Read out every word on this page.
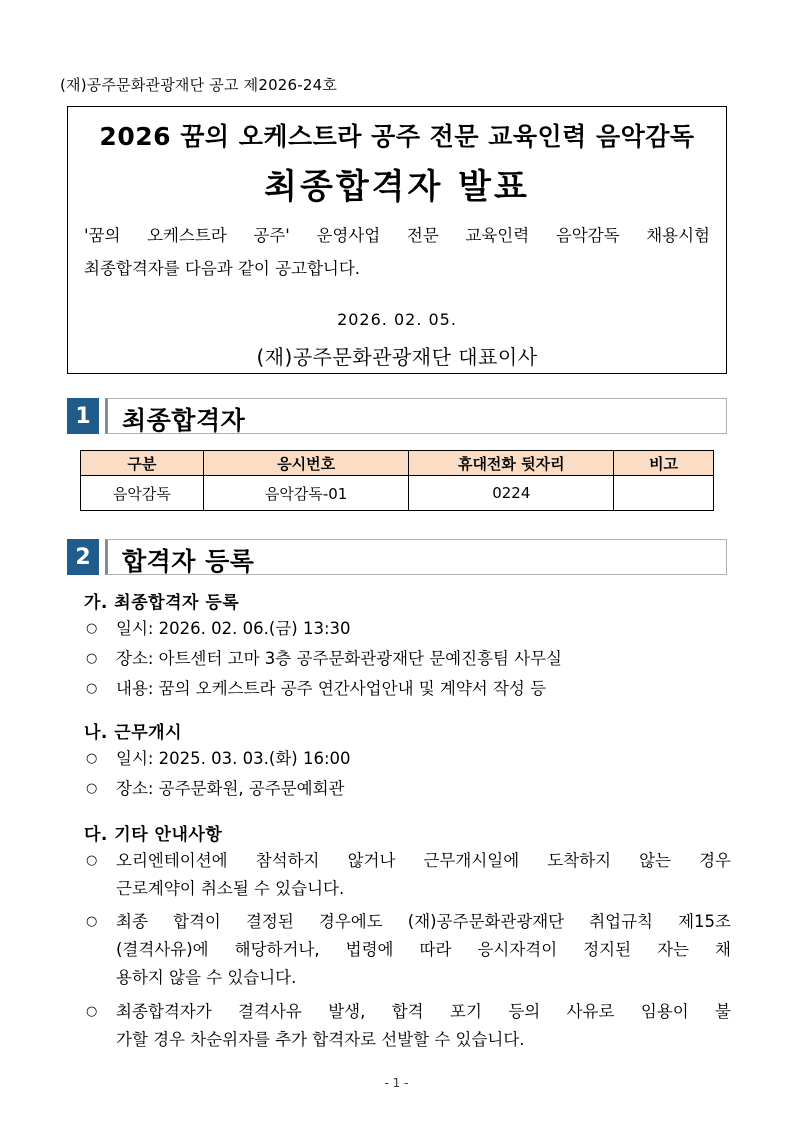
(재)공주문화관광재단 공고 제2026-24호
2026 꿈의 오케스트라 공주 전문 교육인력 음악감독
최종합격자 발표
'꿈의 오케스트라 공주' 운영사업 전문 교육인력 음악감독 채용시험
최종합격자를 다음과 같이 공고합니다.
2026. 02. 05.
(재)공주문화관광재단 대표이사
1	최종합격자
구분	응시번호	휴대전화 뒷자리	비고
음악감독	음악감독-01	0224	
2	합격자 등록
가. 최종합격자 등록
○ 일시: 2026. 02. 06.(금) 13:30
○ 장소: 아트센터 고마 3층 공주문화관광재단 문예진흥팀 사무실
○ 내용: 꿈의 오케스트라 공주 연간사업안내 및 계약서 작성 등
나. 근무개시
○ 일시: 2025. 03. 03.(화) 16:00
○ 장소: 공주문화원, 공주문예회관
다. 기타 안내사항
○ 오리엔테이션에 참석하지 않거나 근무개시일에 도착하지 않는 경우
근로계약이 취소될 수 있습니다.
○ 최종 합격이 결정된 경우에도 (재)공주문화관광재단 취업규칙 제15조
(결격사유)에 해당하거나, 법령에 따라 응시자격이 정지된 자는 채
용하지 않을 수 있습니다.
○ 최종합격자가 결격사유 발생, 합격 포기 등의 사유로 임용이 불
가할 경우 차순위자를 추가 합격자로 선발할 수 있습니다.
- 1 -
